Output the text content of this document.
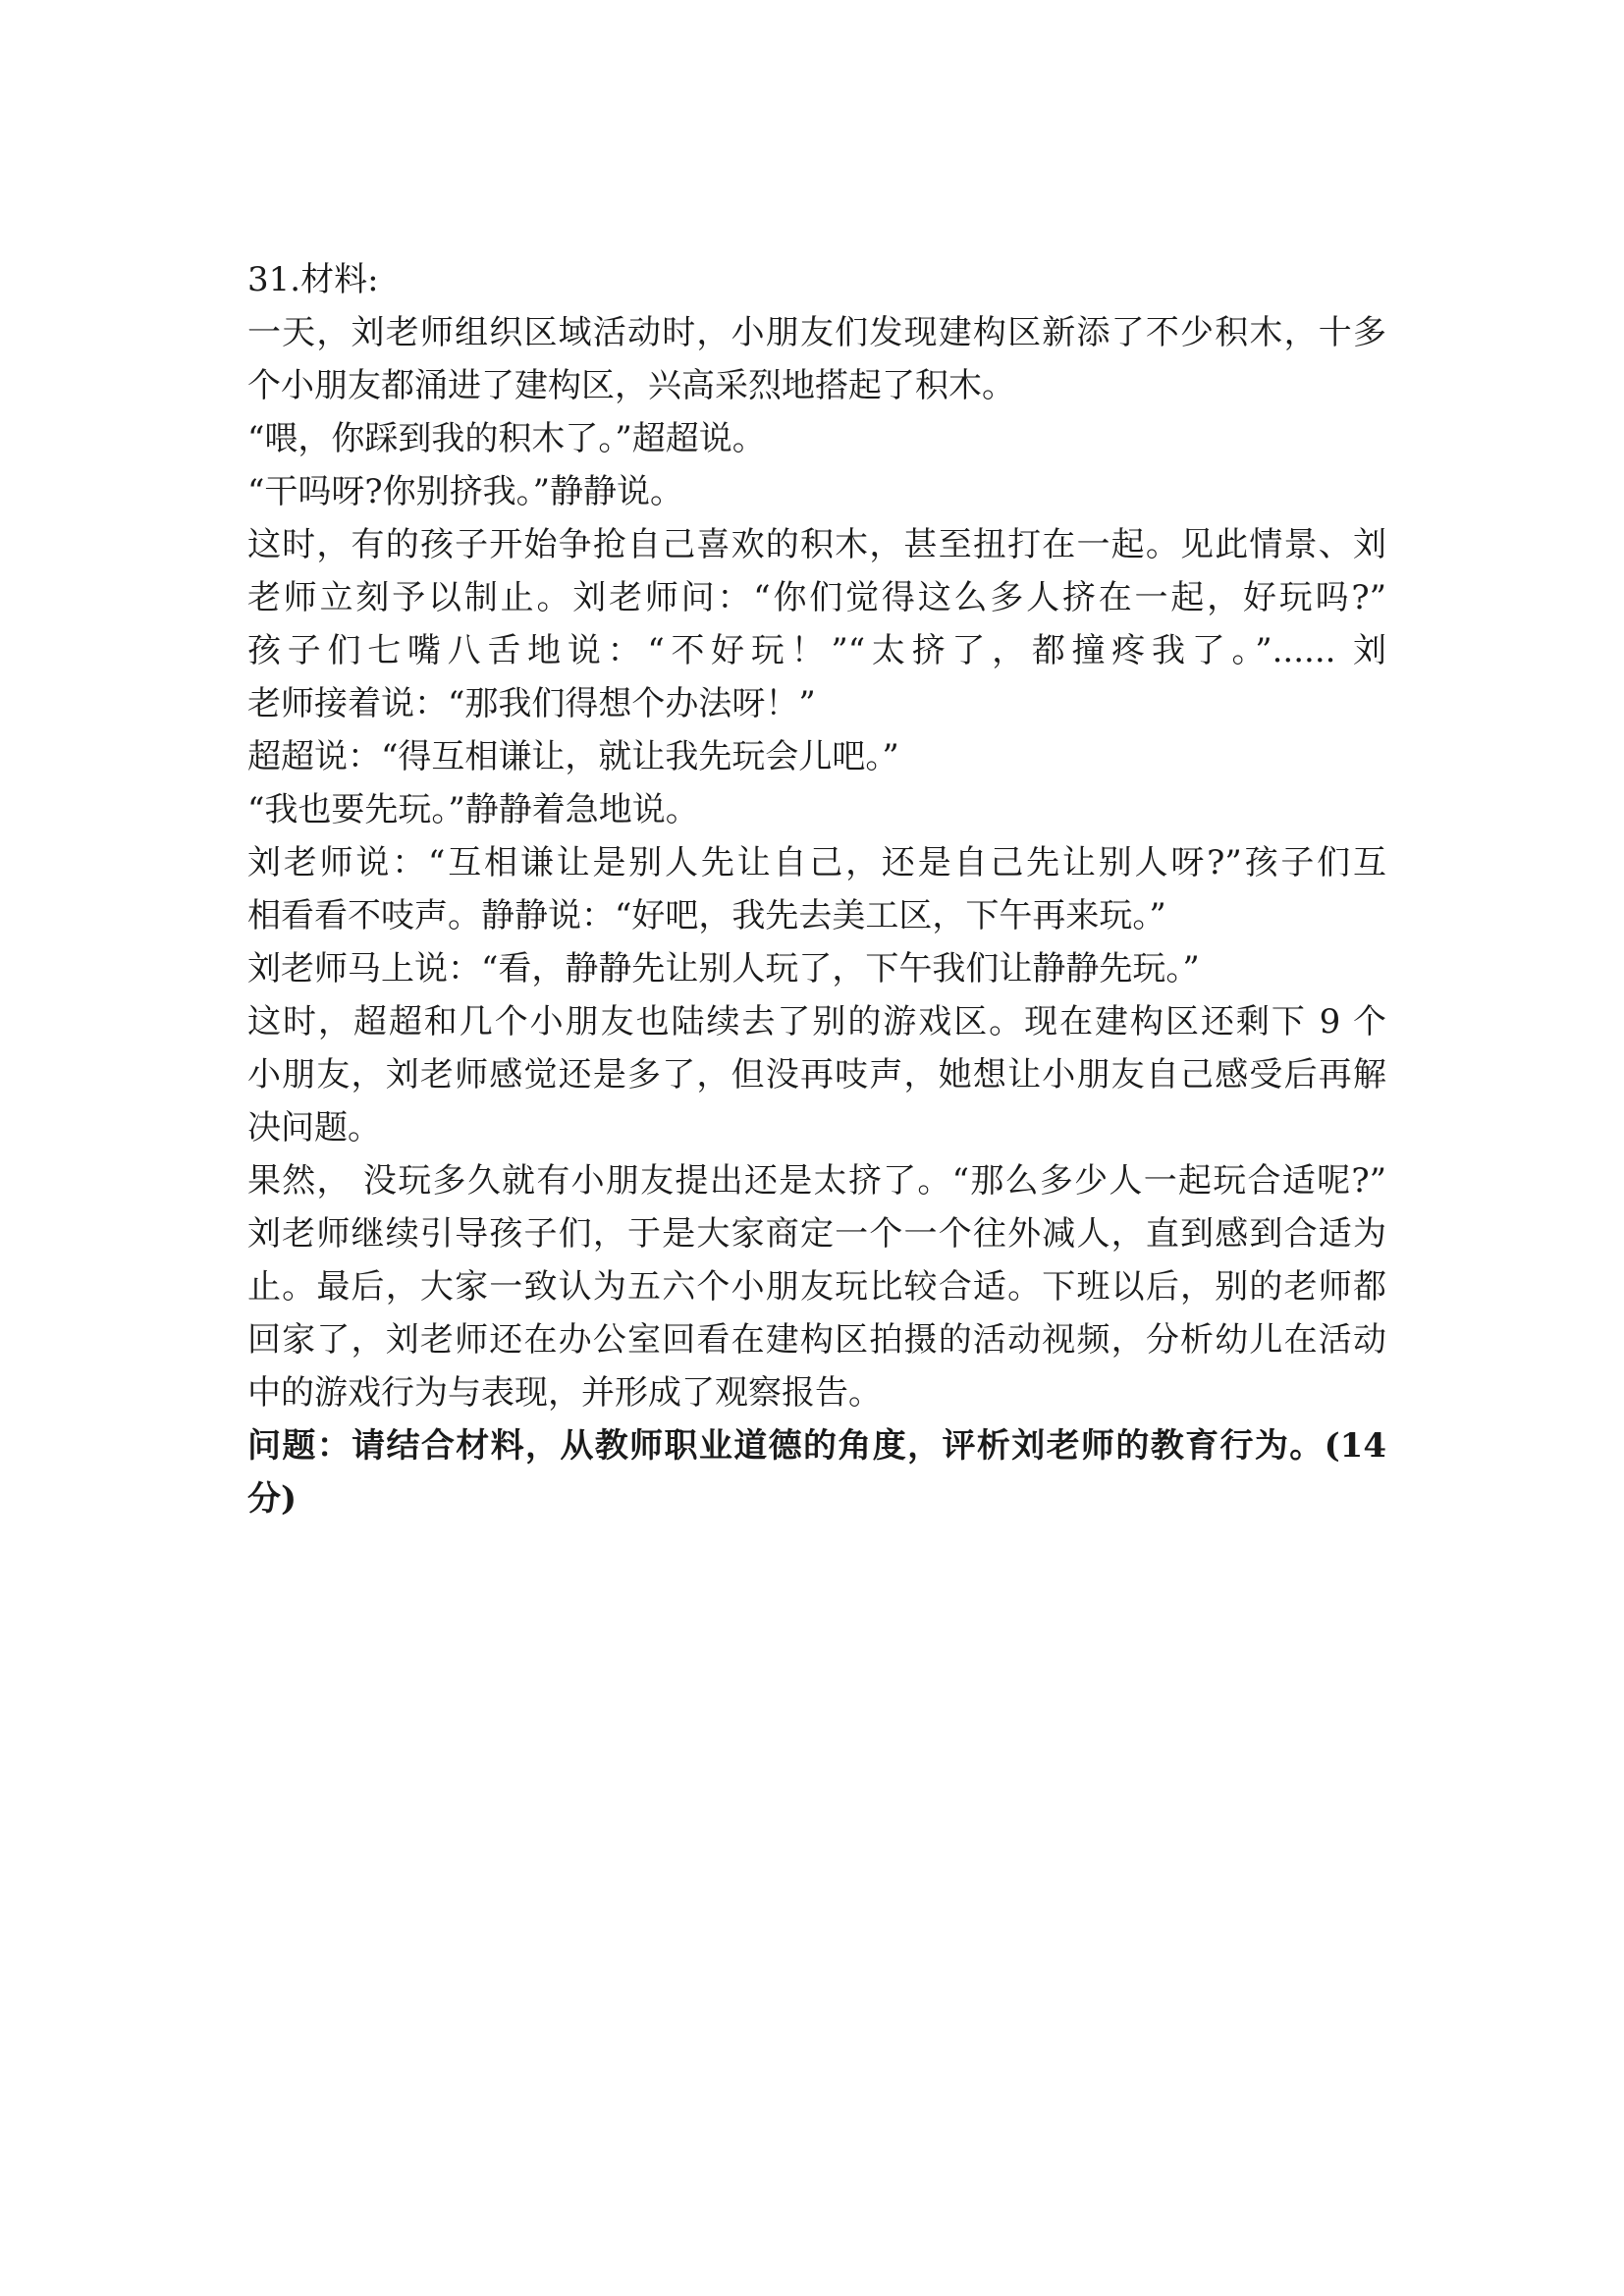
31.材料:

一天，刘老师组织区域活动时，小朋友们发现建构区新添了不少积木，十多

个小朋友都涌进了建构区，兴高采烈地搭起了积木。

“喂，你踩到我的积木了。”超超说。

“干吗呀?你别挤我。”静静说。

这时，有的孩子开始争抢自己喜欢的积木，甚至扭打在一起。见此情景、刘

老师立刻予以制止。刘老师问：“你们觉得这么多人挤在一起，好玩吗?”

孩子们七嘴八舌地说：“不好玩！”“太挤了，都撞疼我了。”...... 刘

老师接着说：“那我们得想个办法呀！”

超超说：“得互相谦让，就让我先玩会儿吧。”

“我也要先玩。”静静着急地说。

刘老师说：“互相谦让是别人先让自己，还是自己先让别人呀?”孩子们互

相看看不吱声。静静说：“好吧，我先去美工区，下午再来玩。”

刘老师马上说：“看，静静先让别人玩了，下午我们让静静先玩。”

这时，超超和几个小朋友也陆续去了别的游戏区。现在建构区还剩下 9 个

小朋友，刘老师感觉还是多了，但没再吱声，她想让小朋友自己感受后再解

决问题。

果然， 没玩多久就有小朋友提出还是太挤了。“那么多少人一起玩合适呢?”

刘老师继续引导孩子们，于是大家商定一个一个往外减人，直到感到合适为

止。最后，大家一致认为五六个小朋友玩比较合适。下班以后，别的老师都

回家了，刘老师还在办公室回看在建构区拍摄的活动视频，分析幼儿在活动

中的游戏行为与表现，并形成了观察报告。

问题：请结合材料，从教师职业道德的角度，评析刘老师的教育行为。(14

分)
